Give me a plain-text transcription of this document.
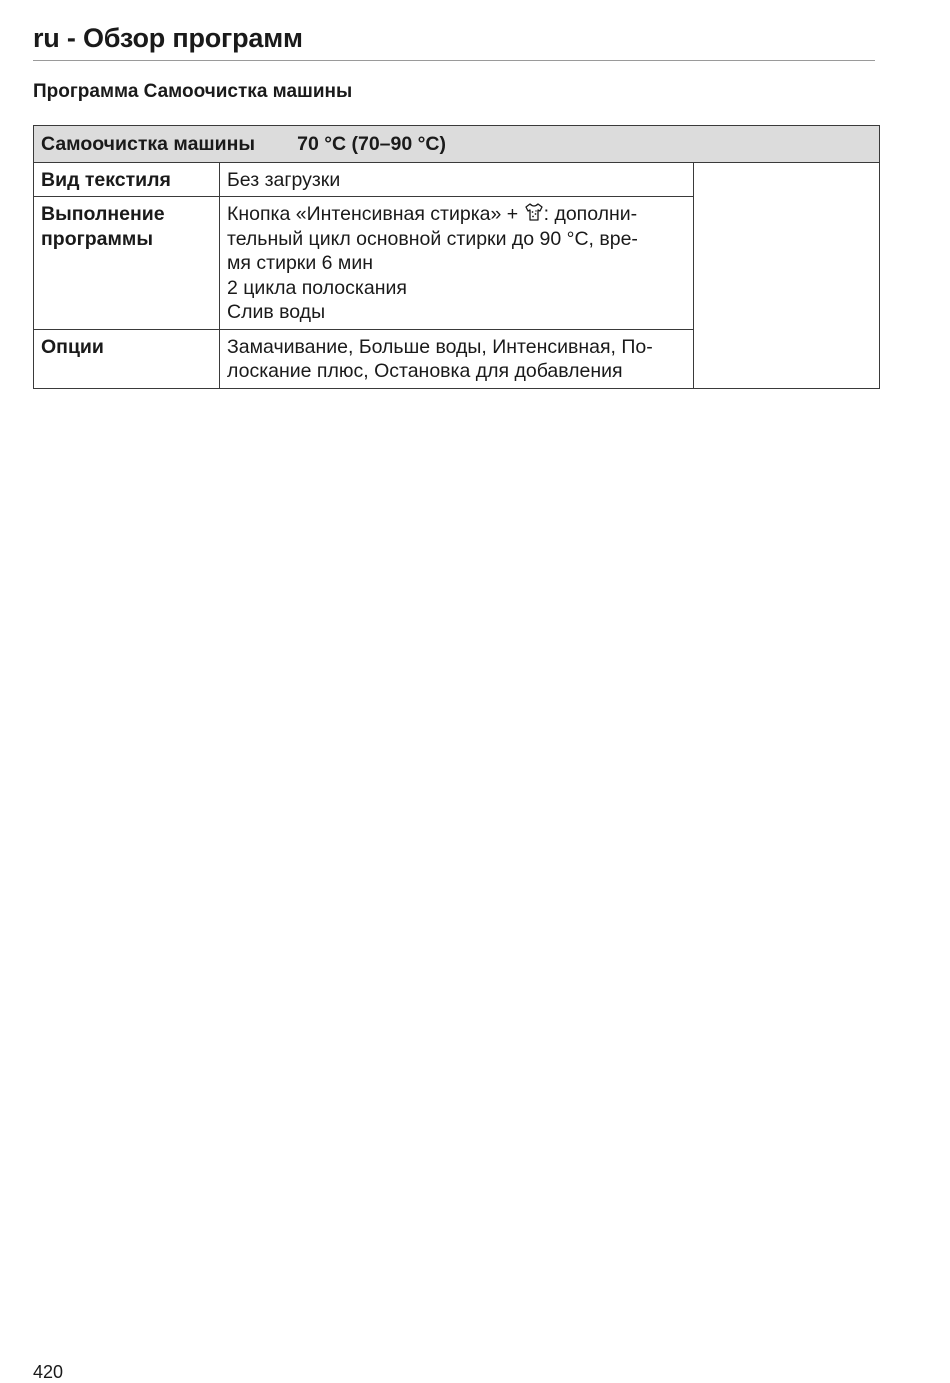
ru - Обзор программ
Программа Самоочистка машины
Самоочистка машины 70 °C (70–90 °C)		
Вид текстиля	Без загрузки	

Выполнение
программы	Кнопка «Интенсивная стирка» + : дополни-
тельный цикл основной стирки до 90 °C, вре-
мя стирки 6 мин
2 цикла полоскания
Слив воды	

Опции	Замачивание, Больше воды, Интенсивная, По-
лоскание плюс, Остановка для добавления	
420
